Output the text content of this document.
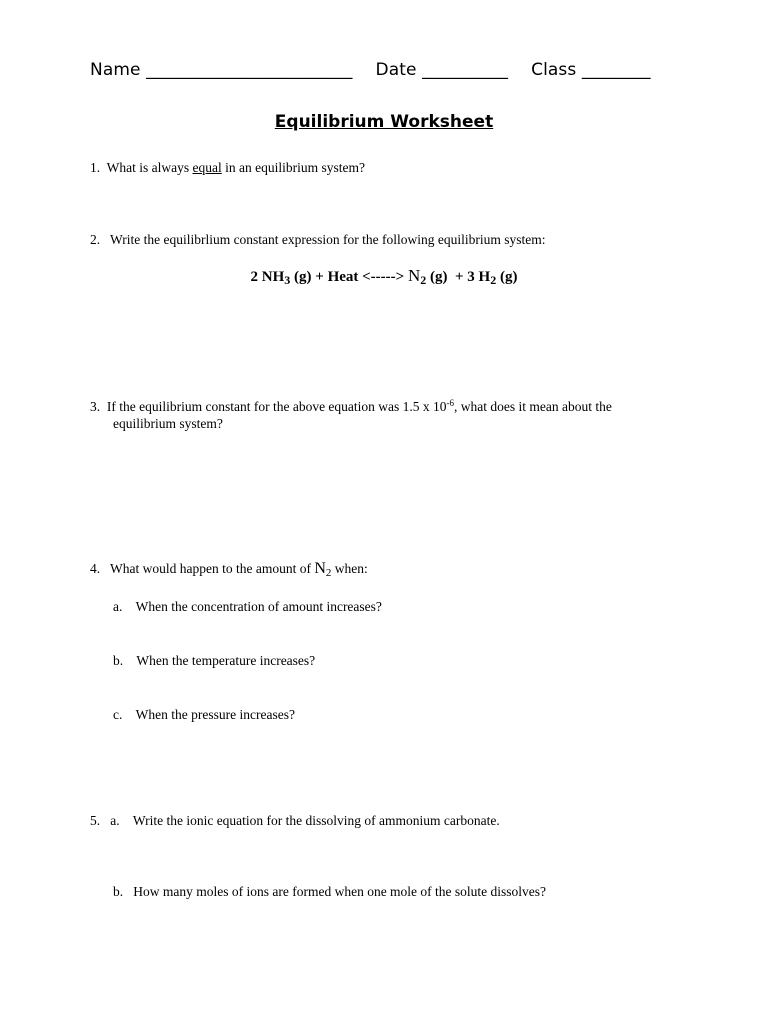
Name ________________________ Date __________ Class ________
Equilibrium Worksheet
1. What is always equal in an equilibrium system?
2. Write the equilibrlium constant expression for the following equilibrium system:
2 $NH_3$ (g) + Heat <-----> $N_2$ (g)  + 3 $H_2$ (g)
3. If the equilibrium constant for the above equation was 1.5 x $10^{-6}$, what does it mean about the
equilibrium system?
4. What would happen to the amount of $N_2$ when:
a. When the concentration of amount increases?
b. When the temperature increases?
c. When the pressure increases?
5. a. Write the ionic equation for the dissolving of ammonium carbonate.
b. How many moles of ions are formed when one mole of the solute dissolves?
